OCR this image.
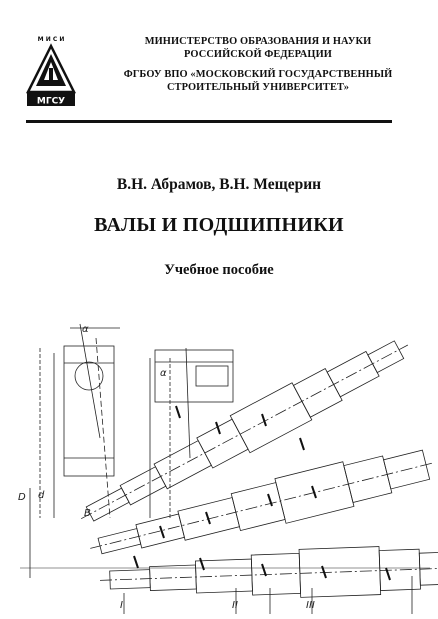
М И С И
МГСУ
МИНИСТЕРСТВО ОБРАЗОВАНИЯ И НАУКИ
РОССИЙСКОЙ ФЕДЕРАЦИИ
ФГБОУ ВПО «МОСКОВСКИЙ ГОСУДАРСТВЕННЫЙ
СТРОИТЕЛЬНЫЙ УНИВЕРСИТЕТ»
В.Н. Абрамов, В.Н. Мещерин
ВАЛЫ И ПОДШИПНИКИ
Учебное пособие
α
α
D d
B
I	II	III
